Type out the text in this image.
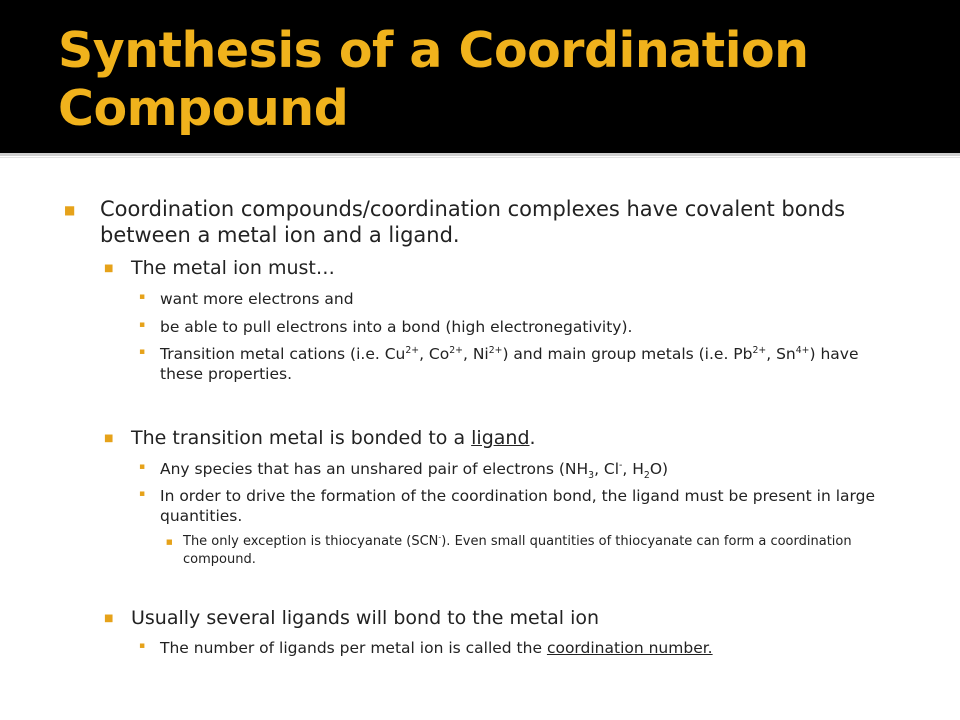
Synthesis of a Coordination Compound
■ Coordination compounds/coordination complexes have covalent bonds between a metal ion and a ligand.
■ The metal ion must…
▪ want more electrons and
▪ be able to pull electrons into a bond (high electronegativity).
▪ Transition metal cations (i.e. $Cu^{2+}$, $Co^{2+}$, $Ni^{2+}$) and main group metals (i.e. $Pb^{2+}$, $Sn^{4+}$) have these properties.
■ The transition metal is bonded to a ligand.
▪ Any species that has an unshared pair of electrons ($NH_3$, Cl-, $H_2O$)
▪ In order to drive the formation of the coordination bond, the ligand must be present in large quantities.
■ The only exception is thiocyanate (SCN-). Even small quantities of thiocyanate can form a coordination compound.
■ Usually several ligands will bond to the metal ion
▪ The number of ligands per metal ion is called the coordination number.
